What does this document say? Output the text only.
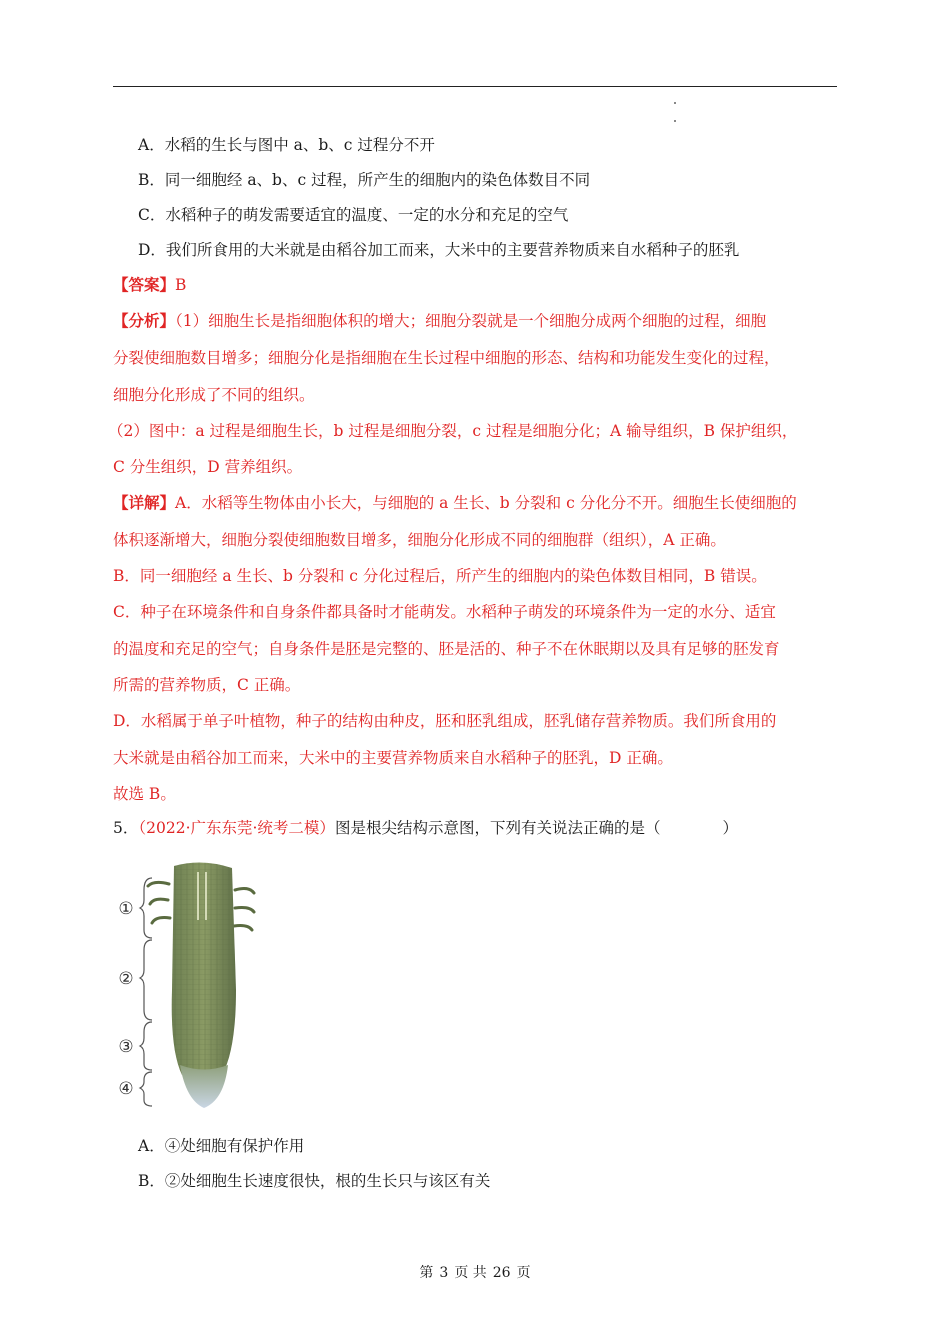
A．水稻的生长与图中 a、b、c 过程分不开
B．同一细胞经 a、b、c 过程，所产生的细胞内的染色体数目不同
C．水稻种子的萌发需要适宜的温度、一定的水分和充足的空气
D．我们所食用的大米就是由稻谷加工而来，大米中的主要营养物质来自水稻种子的胚乳
【答案】B
【分析】（1）细胞生长是指细胞体积的增大；细胞分裂就是一个细胞分成两个细胞的过程，细胞
分裂使细胞数目增多；细胞分化是指细胞在生长过程中细胞的形态、结构和功能发生变化的过程，
细胞分化形成了不同的组织。
（2）图中：a 过程是细胞生长，b 过程是细胞分裂，c 过程是细胞分化；A 输导组织，B 保护组织，
C 分生组织，D 营养组织。
【详解】A．水稻等生物体由小长大，与细胞的 a 生长、b 分裂和 c 分化分不开。细胞生长使细胞的
体积逐渐增大，细胞分裂使细胞数目增多，细胞分化形成不同的细胞群（组织），A 正确。
B．同一细胞经 a 生长、b 分裂和 c 分化过程后，所产生的细胞内的染色体数目相同，B 错误。
C．种子在环境条件和自身条件都具备时才能萌发。水稻种子萌发的环境条件为一定的水分、适宜
的温度和充足的空气；自身条件是胚是完整的、胚是活的、种子不在休眠期以及具有足够的胚发育
所需的营养物质，C 正确。
D．水稻属于单子叶植物，种子的结构由种皮，胚和胚乳组成，胚乳储存营养物质。我们所食用的
大米就是由稻谷加工而来，大米中的主要营养物质来自水稻种子的胚乳，D 正确。
故选 B。
5．（2022·广东东莞·统考二模）图是根尖结构示意图，下列有关说法正确的是（　　　　）
①
②
③
④
A．④处细胞有保护作用
B．②处细胞生长速度很快，根的生长只与该区有关
第 3 页 共 26 页
